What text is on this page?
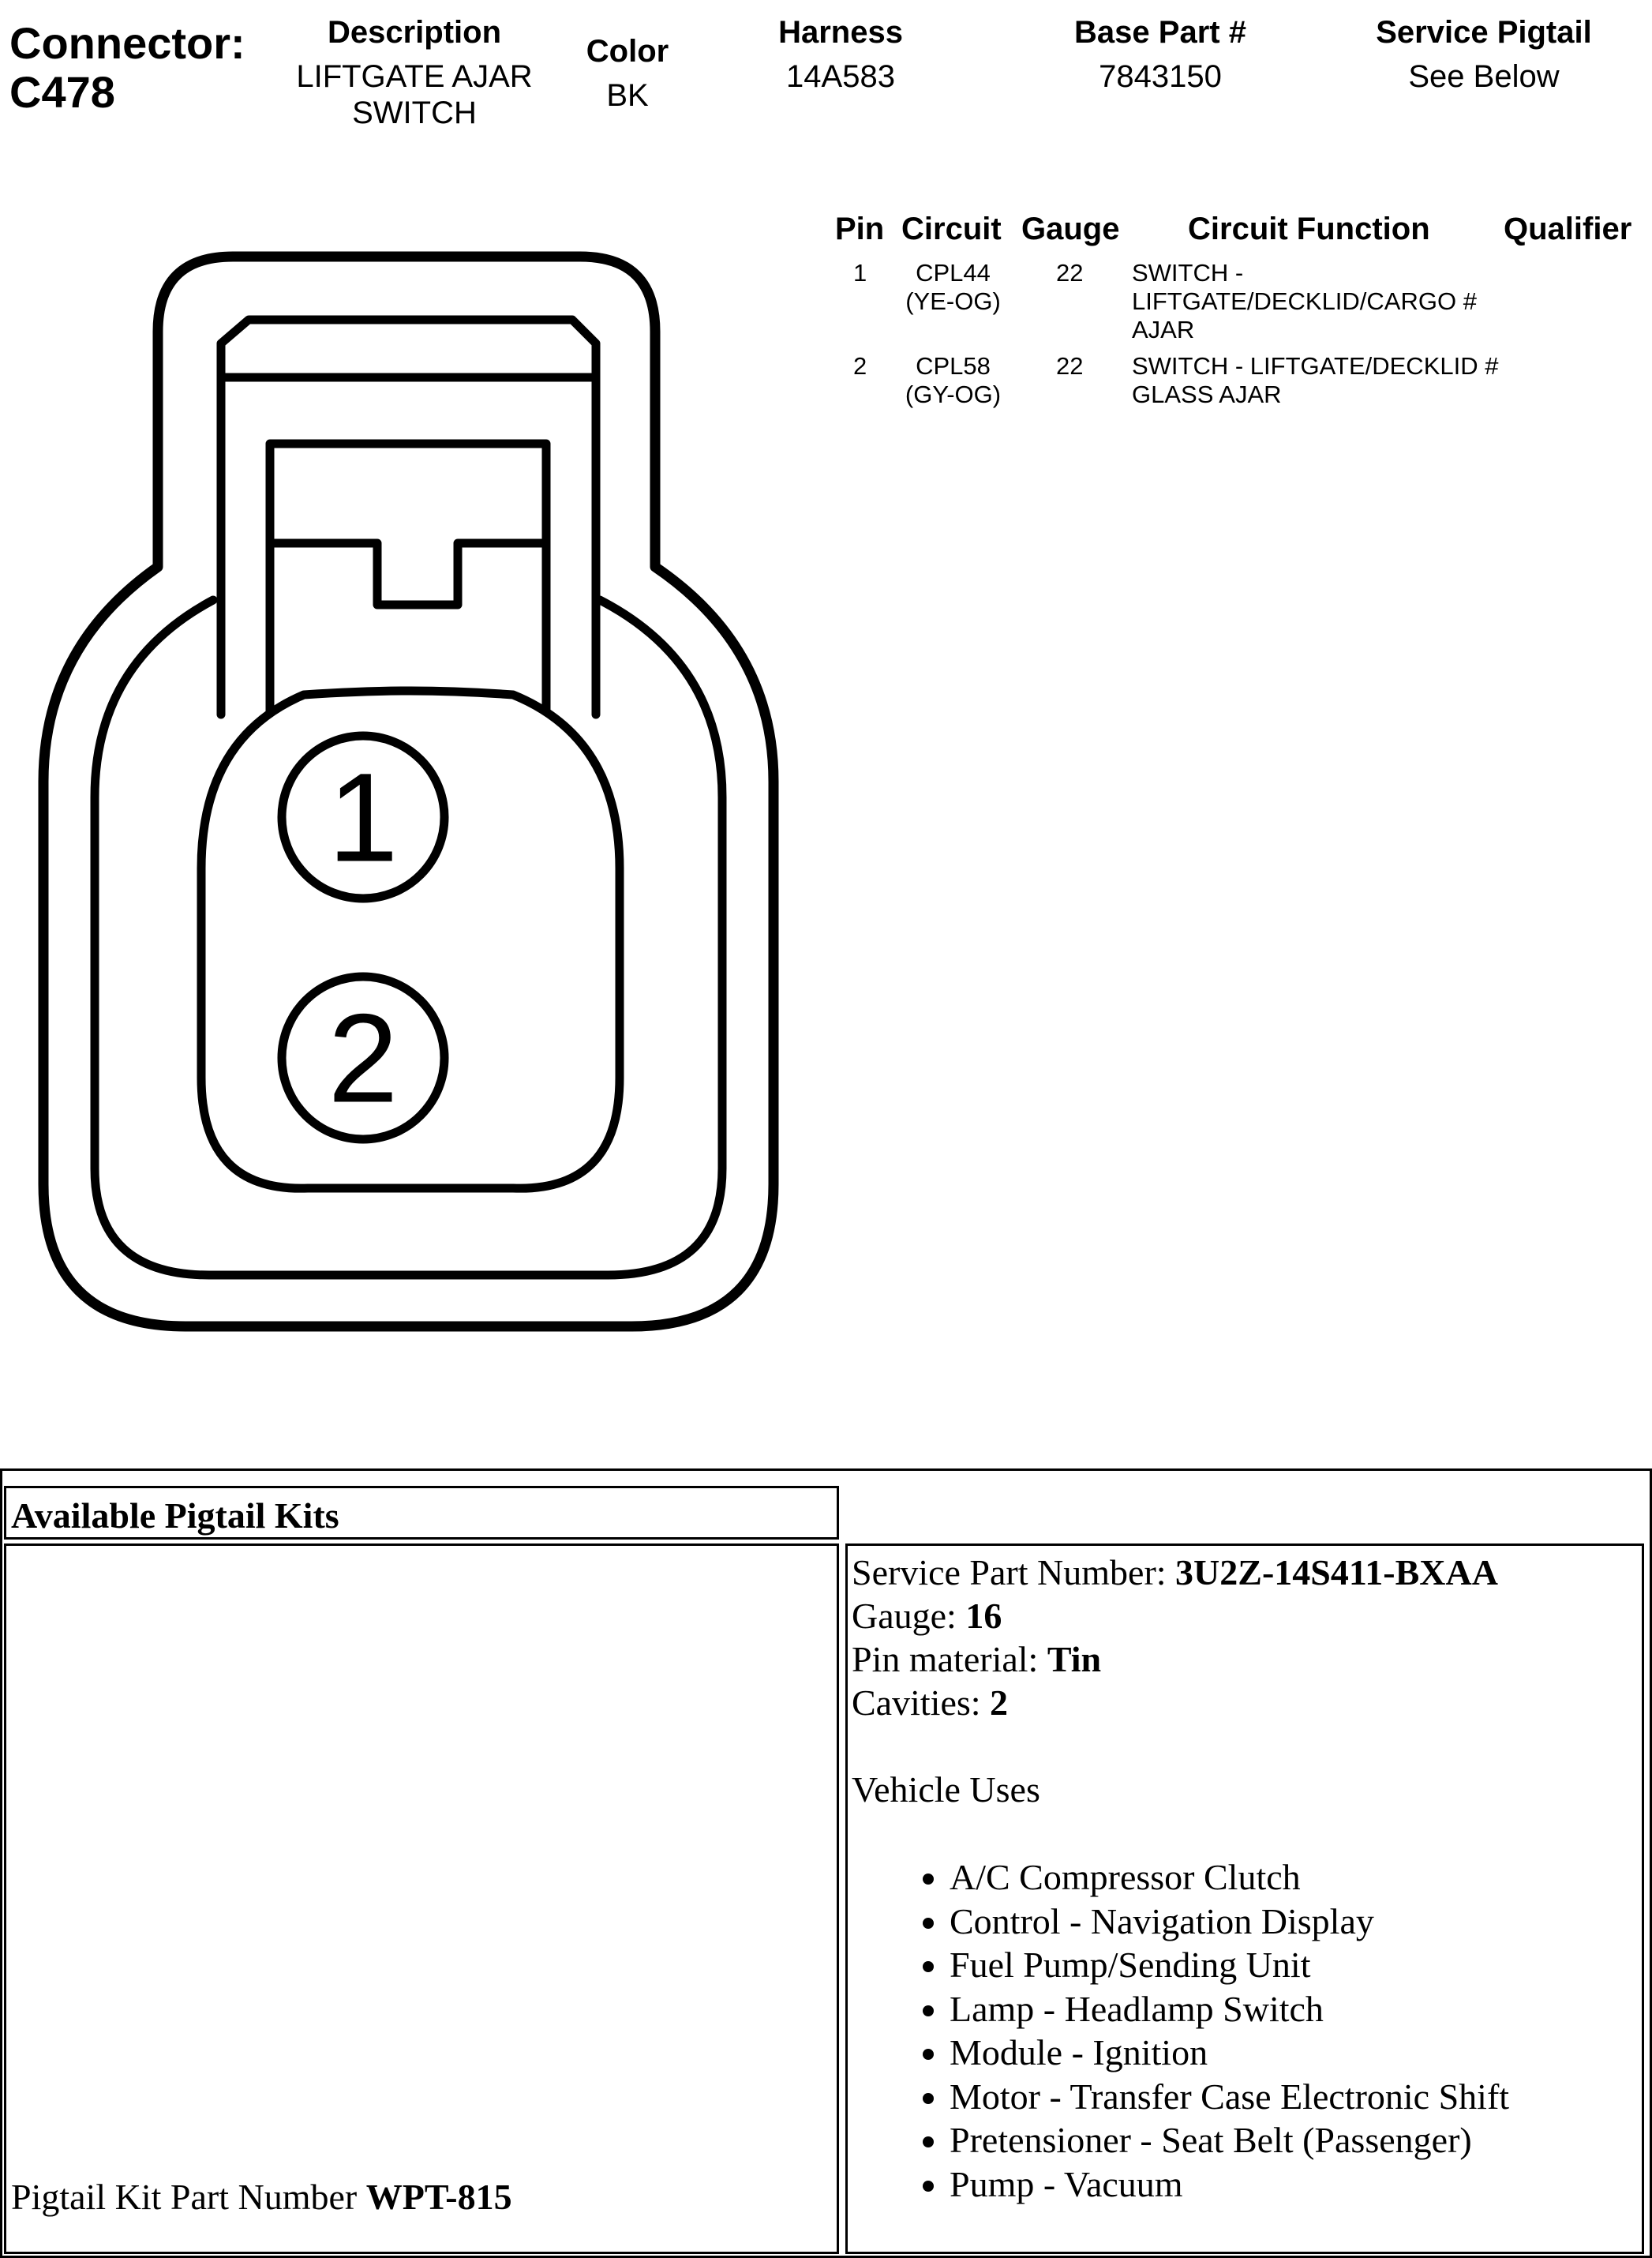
Connector:
C478
Description
LIFTGATE AJAR
SWITCH
Color
BK
Harness
14A583
Base Part #
7843150
Service Pigtail
See Below
Pin Circuit Gauge Circuit Function Qualifier
1	CPL44
(YE-OG)
22 SWITCH - LIFTGATE/DECKLID/CARGO # AJAR
2	CPL58
(GY-OG)
22 SWITCH - LIFTGATE/DECKLID # GLASS AJAR
1
2
Available Pigtail Kits
Pigtail Kit Part Number WPT-815
Service Part Number: 3U2Z-14S411-BXAA
Gauge: 16
Pin material: Tin
Cavities: 2
Vehicle Uses
• A/C Compressor Clutch
• Control - Navigation Display
• Fuel Pump/Sending Unit
• Lamp - Headlamp Switch
• Module - Ignition
• Motor - Transfer Case Electronic Shift
• Pretensioner - Seat Belt (Passenger)
• Pump - Vacuum
